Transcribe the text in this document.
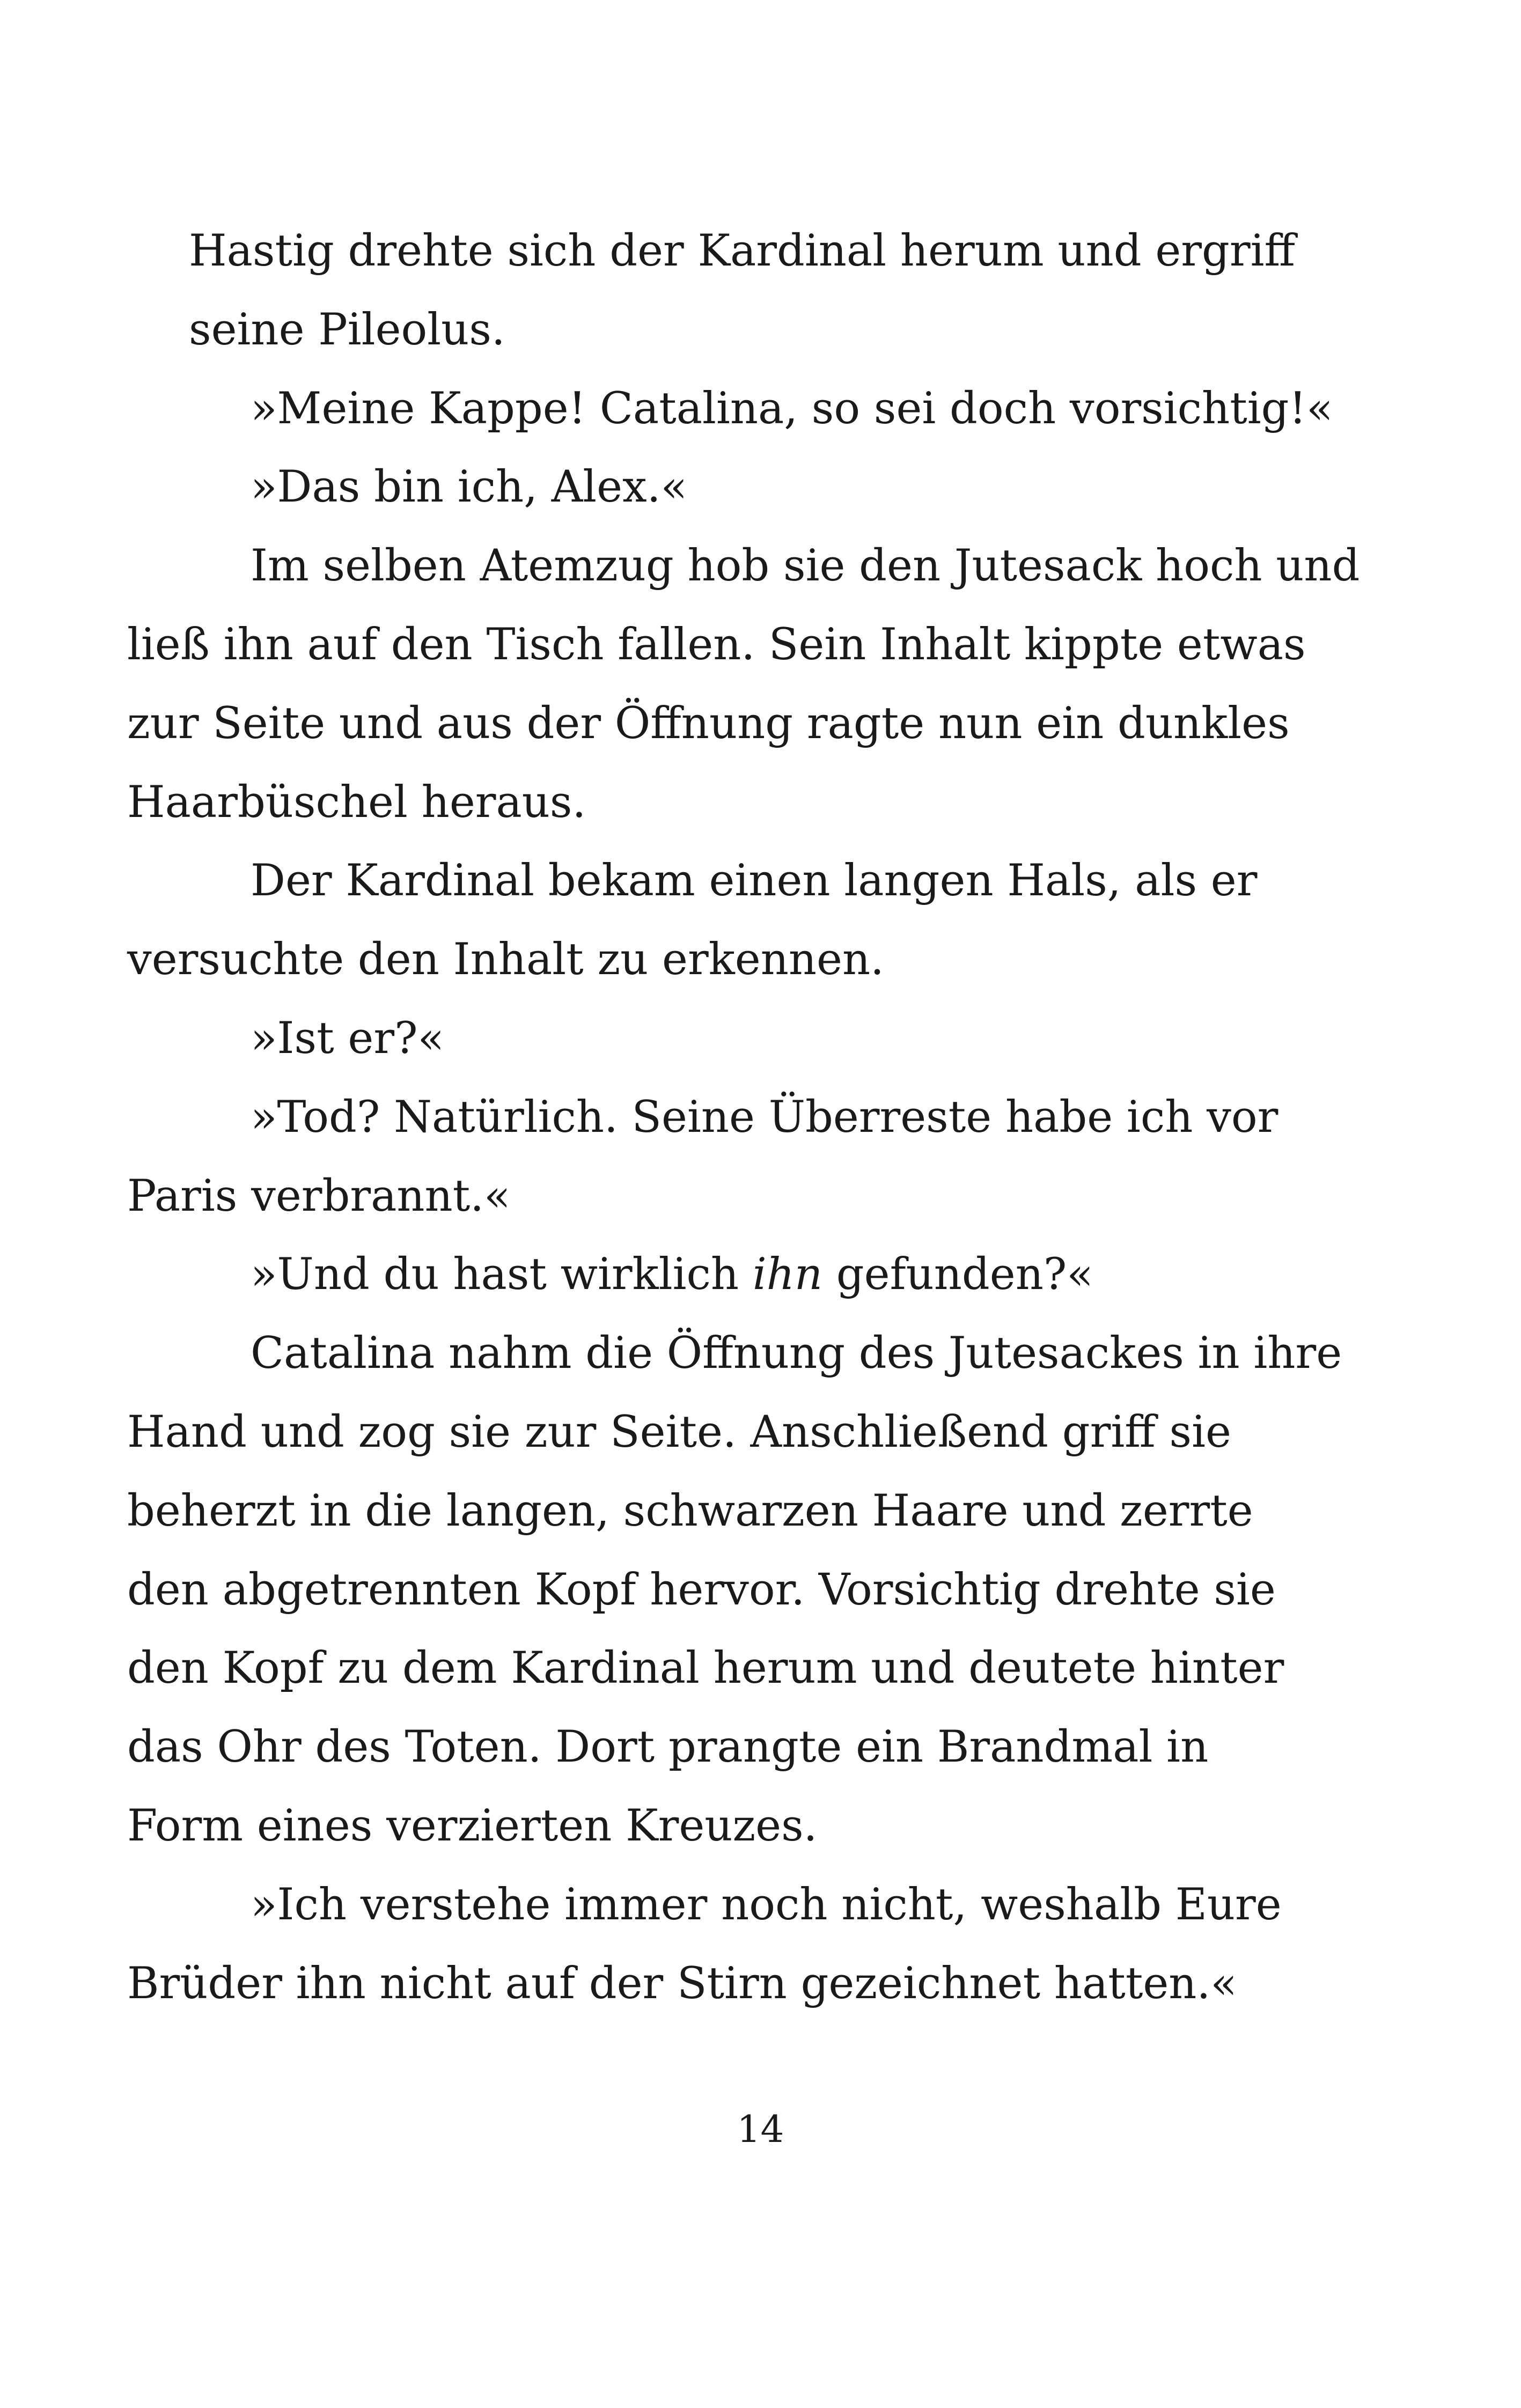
Hastig drehte sich der Kardinal herum und ergriff
seine Pileolus.

»Meine Kappe! Catalina, so sei doch vorsichtig!«

»Das bin ich, Alex.«

Im selben Atemzug hob sie den Jutesack hoch und
ließ ihn auf den Tisch fallen. Sein Inhalt kippte etwas
zur Seite und aus der Öffnung ragte nun ein dunkles
Haarbüschel heraus.

Der Kardinal bekam einen langen Hals, als er
versuchte den Inhalt zu erkennen.

»Ist er?«

»Tod? Natürlich. Seine Überreste habe ich vor
Paris verbrannt.«

»Und du hast wirklich ihn gefunden?«

Catalina nahm die Öffnung des Jutesackes in ihre
Hand und zog sie zur Seite. Anschließend griff sie
beherzt in die langen, schwarzen Haare und zerrte
den abgetrennten Kopf hervor. Vorsichtig drehte sie
den Kopf zu dem Kardinal herum und deutete hinter
das Ohr des Toten. Dort prangte ein Brandmal in
Form eines verzierten Kreuzes.

»Ich verstehe immer noch nicht, weshalb Eure
Brüder ihn nicht auf der Stirn gezeichnet hatten.«

14
